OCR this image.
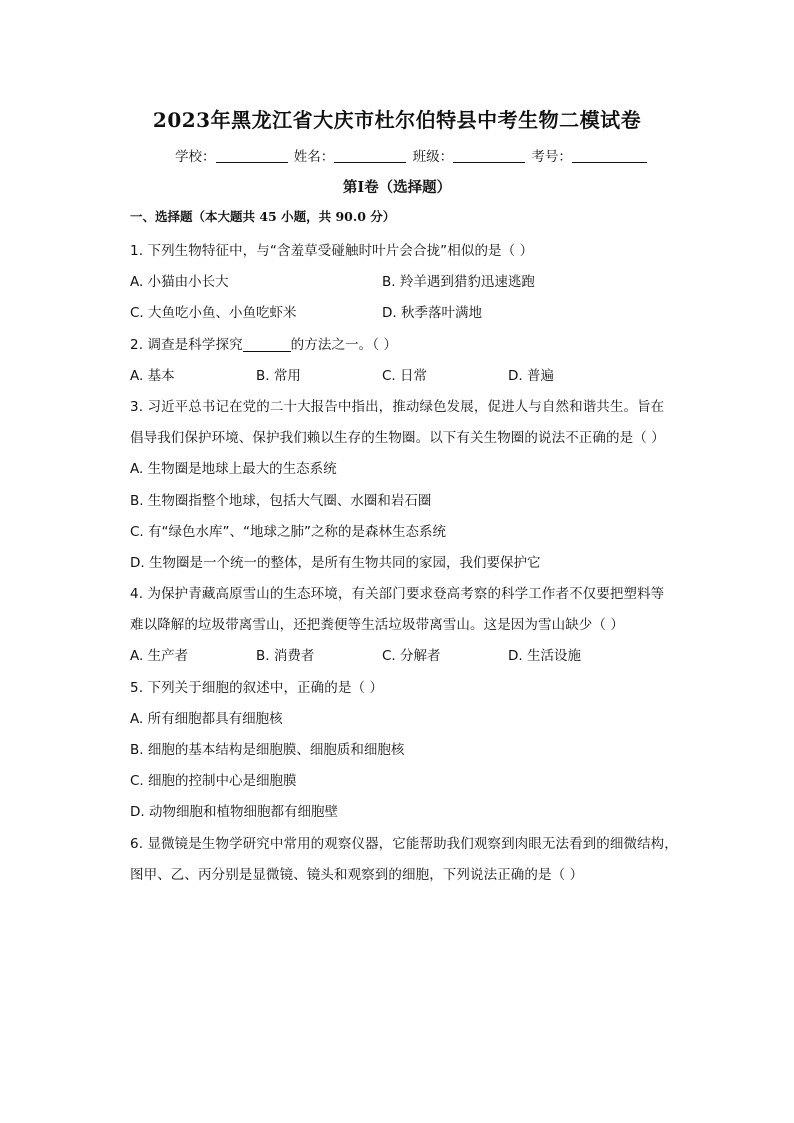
2023年黑龙江省大庆市杜尔伯特县中考生物二模试卷
学校：	姓名：	班级：	考号：
第Ⅰ卷（选择题）
一、选择题（本大题共 45 小题，共 90.0 分）
1. 下列生物特征中，与“含羞草受碰触时叶片会合拢”相似的是（ ）
A. 小猫由小长大	B. 羚羊遇到猎豹迅速逃跑
C. 大鱼吃小鱼、小鱼吃虾米	D. 秋季落叶满地
2. 调查是科学探究	的方法之一。（ ）
A. 基本	B. 常用	C. 日常	D. 普遍
3. 习近平总书记在党的二十大报告中指出，推动绿色发展，促进人与自然和谐共生。旨在
倡导我们保护环境、保护我们赖以生存的生物圈。以下有关生物圈的说法不正确的是（ ）
A. 生物圈是地球上最大的生态系统
B. 生物圈指整个地球，包括大气圈、水圈和岩石圈
C. 有“绿色水库”、“地球之肺”之称的是森林生态系统
D. 生物圈是一个统一的整体，是所有生物共同的家园，我们要保护它
4. 为保护青藏高原雪山的生态环境，有关部门要求登高考察的科学工作者不仅要把塑料等
难以降解的垃圾带离雪山，还把粪便等生活垃圾带离雪山。这是因为雪山缺少（ ）
A. 生产者	B. 消费者	C. 分解者	D. 生活设施
5. 下列关于细胞的叙述中，正确的是（ ）
A. 所有细胞都具有细胞核
B. 细胞的基本结构是细胞膜、细胞质和细胞核
C. 细胞的控制中心是细胞膜
D. 动物细胞和植物细胞都有细胞壁
6. 显微镜是生物学研究中常用的观察仪器，它能帮助我们观察到肉眼无法看到的细微结构，
图甲、乙、丙分别是显微镜、镜头和观察到的细胞，下列说法正确的是（ ）
